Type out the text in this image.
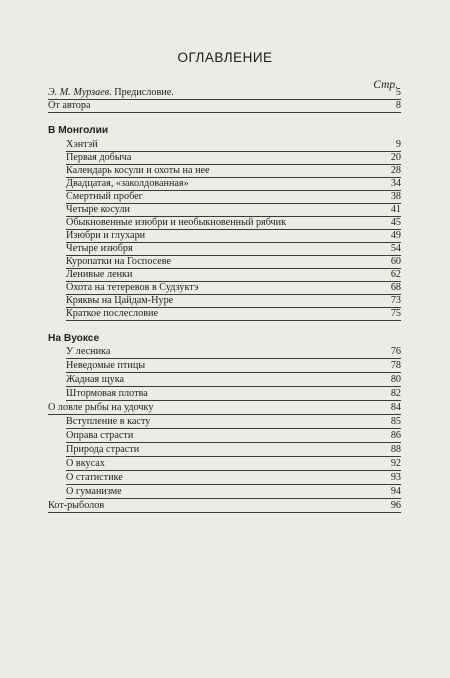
ОГЛАВЛЕНИЕ
Стр.
Э. М. Мурзаев. Предисловие.	5
От автора	8
В Монголии
Хэнтэй	9
Первая добыча	20
Календарь косули и охоты на нее	28
Двадцатая, «заколдованная»	34
Смертный пробег	38
Четыре косули	41
Обыкновенные изюбри и необыкновенный рябчик	45
Изюбри и глухари	49
Четыре изюбря	54
Куропатки на Госпосеве	60
Ленивые ленки	62
Охота на тетеревов в Судзуктэ	68
Кряквы на Цайдам-Нуре	73
Краткое послесловие	75
На Вуоксе
У лесника	76
Неведомые птицы	78
Жадная щука	80
Штормовая плотва	82
О ловле рыбы на удочку	84
Вступление в касту	85
Оправа страсти	86
Природа страсти	88
О вкусах	92
О статистике	93
О гуманизме	94
Кот-рыболов	96
